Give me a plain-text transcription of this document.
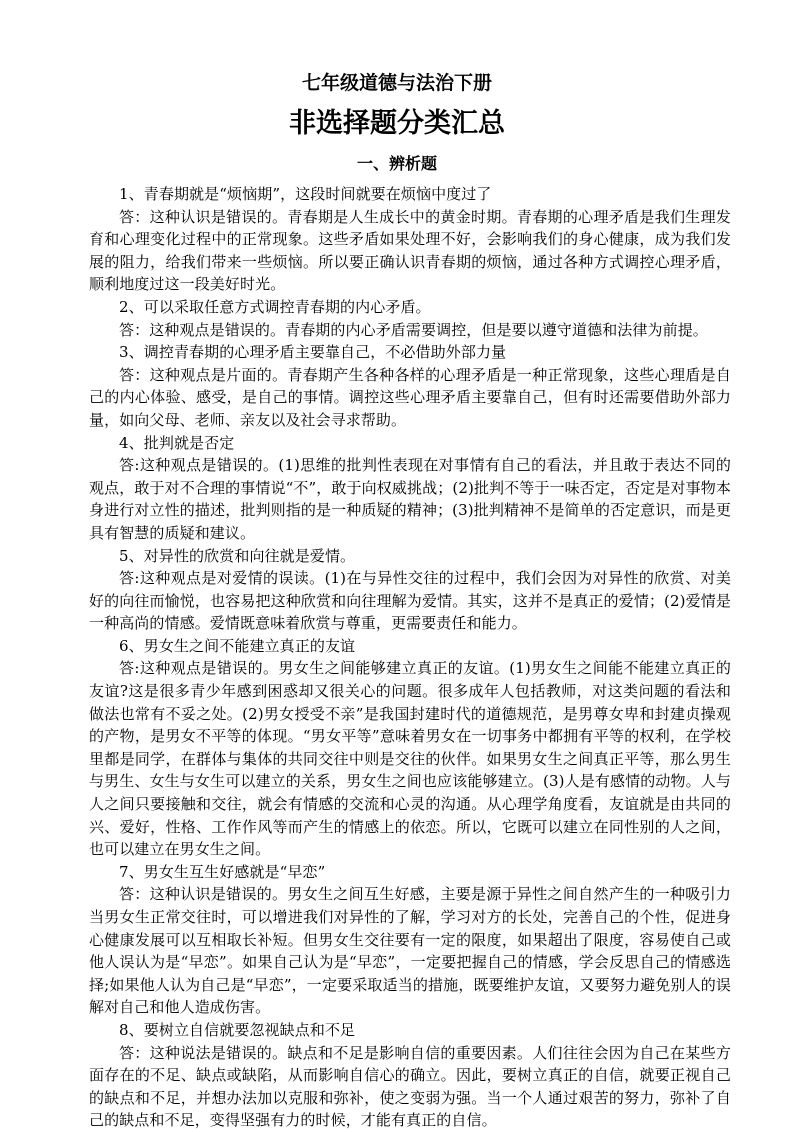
七年级道德与法治下册
非选择题分类汇总
一、辨析题

1、青春期就是“烦恼期”，这段时间就要在烦恼中度过了

答：这种认识是错误的。青春期是人生成长中的黄金时期。青春期的心理矛盾是我们生理发育和心理变化过程中的正常现象。这些矛盾如果处理不好，会影响我们的身心健康，成为我们发展的阻力，给我们带来一些烦恼。所以要正确认识青春期的烦恼，通过各种方式调控心理矛盾，顺利地度过这一段美好时光。

2、可以采取任意方式调控青春期的内心矛盾。

答：这种观点是错误的。青春期的内心矛盾需要调控，但是要以遵守道德和法律为前提。

3、调控青春期的心理矛盾主要靠自己，不必借助外部力量

答：这种观点是片面的。青春期产生各种各样的心理矛盾是一种正常现象，这些心理盾是自己的内心体验、感受，是自己的事情。调控这些心理矛盾主要靠自己，但有时还需要借助外部力量，如向父母、老师、亲友以及社会寻求帮助。

4、批判就是否定

答:这种观点是错误的。(1)思维的批判性表现在对事情有自己的看法，并且敢于表达不同的观点，敢于对不合理的事情说“不”，敢于向权威挑战；(2)批判不等于一味否定，否定是对事物本身进行对立性的描述，批判则指的是一种质疑的精神；(3)批判精神不是简单的否定意识，而是更具有智慧的质疑和建议。

5、对异性的欣赏和向往就是爱情。

答:这种观点是对爱情的误读。(1)在与异性交往的过程中，我们会因为对异性的欣赏、对美好的向往而愉悦，也容易把这种欣赏和向往理解为爱情。其实，这并不是真正的爱情；(2)爱情是一种高尚的情感。爱情既意味着欣赏与尊重，更需要责任和能力。

6、男女生之间不能建立真正的友谊

答:这种观点是错误的。男女生之间能够建立真正的友谊。(1)男女生之间能不能建立真正的友谊?这是很多青少年感到困惑却又很关心的问题。很多成年人包括教师，对这类问题的看法和做法也常有不妥之处。(2)男女授受不亲”是我国封建时代的道德规范，是男尊女卑和封建贞操观的产物，是男女不平等的体现。“男女平等”意味着男女在一切事务中都拥有平等的权利，在学校里都是同学，在群体与集体的共同交往中则是交往的伙伴。如果男女生之间真正平等，那么男生与男生、女生与女生可以建立的关系，男女生之间也应该能够建立。(3)人是有感情的动物。人与人之间只要接触和交往，就会有情感的交流和心灵的沟通。从心理学角度看，友谊就是由共同的兴、爱好，性格、工作作风等而产生的情感上的依恋。所以，它既可以建立在同性别的人之间，也可以建立在男女生之间。

7、男女生互生好感就是“早恋”

答：这种认识是错误的。男女生之间互生好感，主要是源于异性之间自然产生的一种吸引力当男女生正常交往时，可以增进我们对异性的了解，学习对方的长处，完善自己的个性，促进身心健康发展可以互相取长补短。但男女生交往要有一定的限度，如果超出了限度，容易使自己或他人误认为是“早恋”。如果自己认为是“早恋”，一定要把握自己的情感，学会反思自己的情感选择;如果他人认为自己是“早恋”，一定要采取适当的措施，既要维护友谊，又要努力避免别人的误解对自己和他人造成伤害。

8、要树立自信就要忽视缺点和不足

答：这种说法是错误的。缺点和不足是影响自信的重要因素。人们往往会因为自己在某些方面存在的不足、缺点或缺陷，从而影响自信心的确立。因此，要树立真正的自信，就要正视自己的缺点和不足，并想办法加以克服和弥补，使之变弱为强。当一个人通过艰苦的努力，弥补了自己的缺点和不足，变得坚强有力的时候，才能有真正的自信。
